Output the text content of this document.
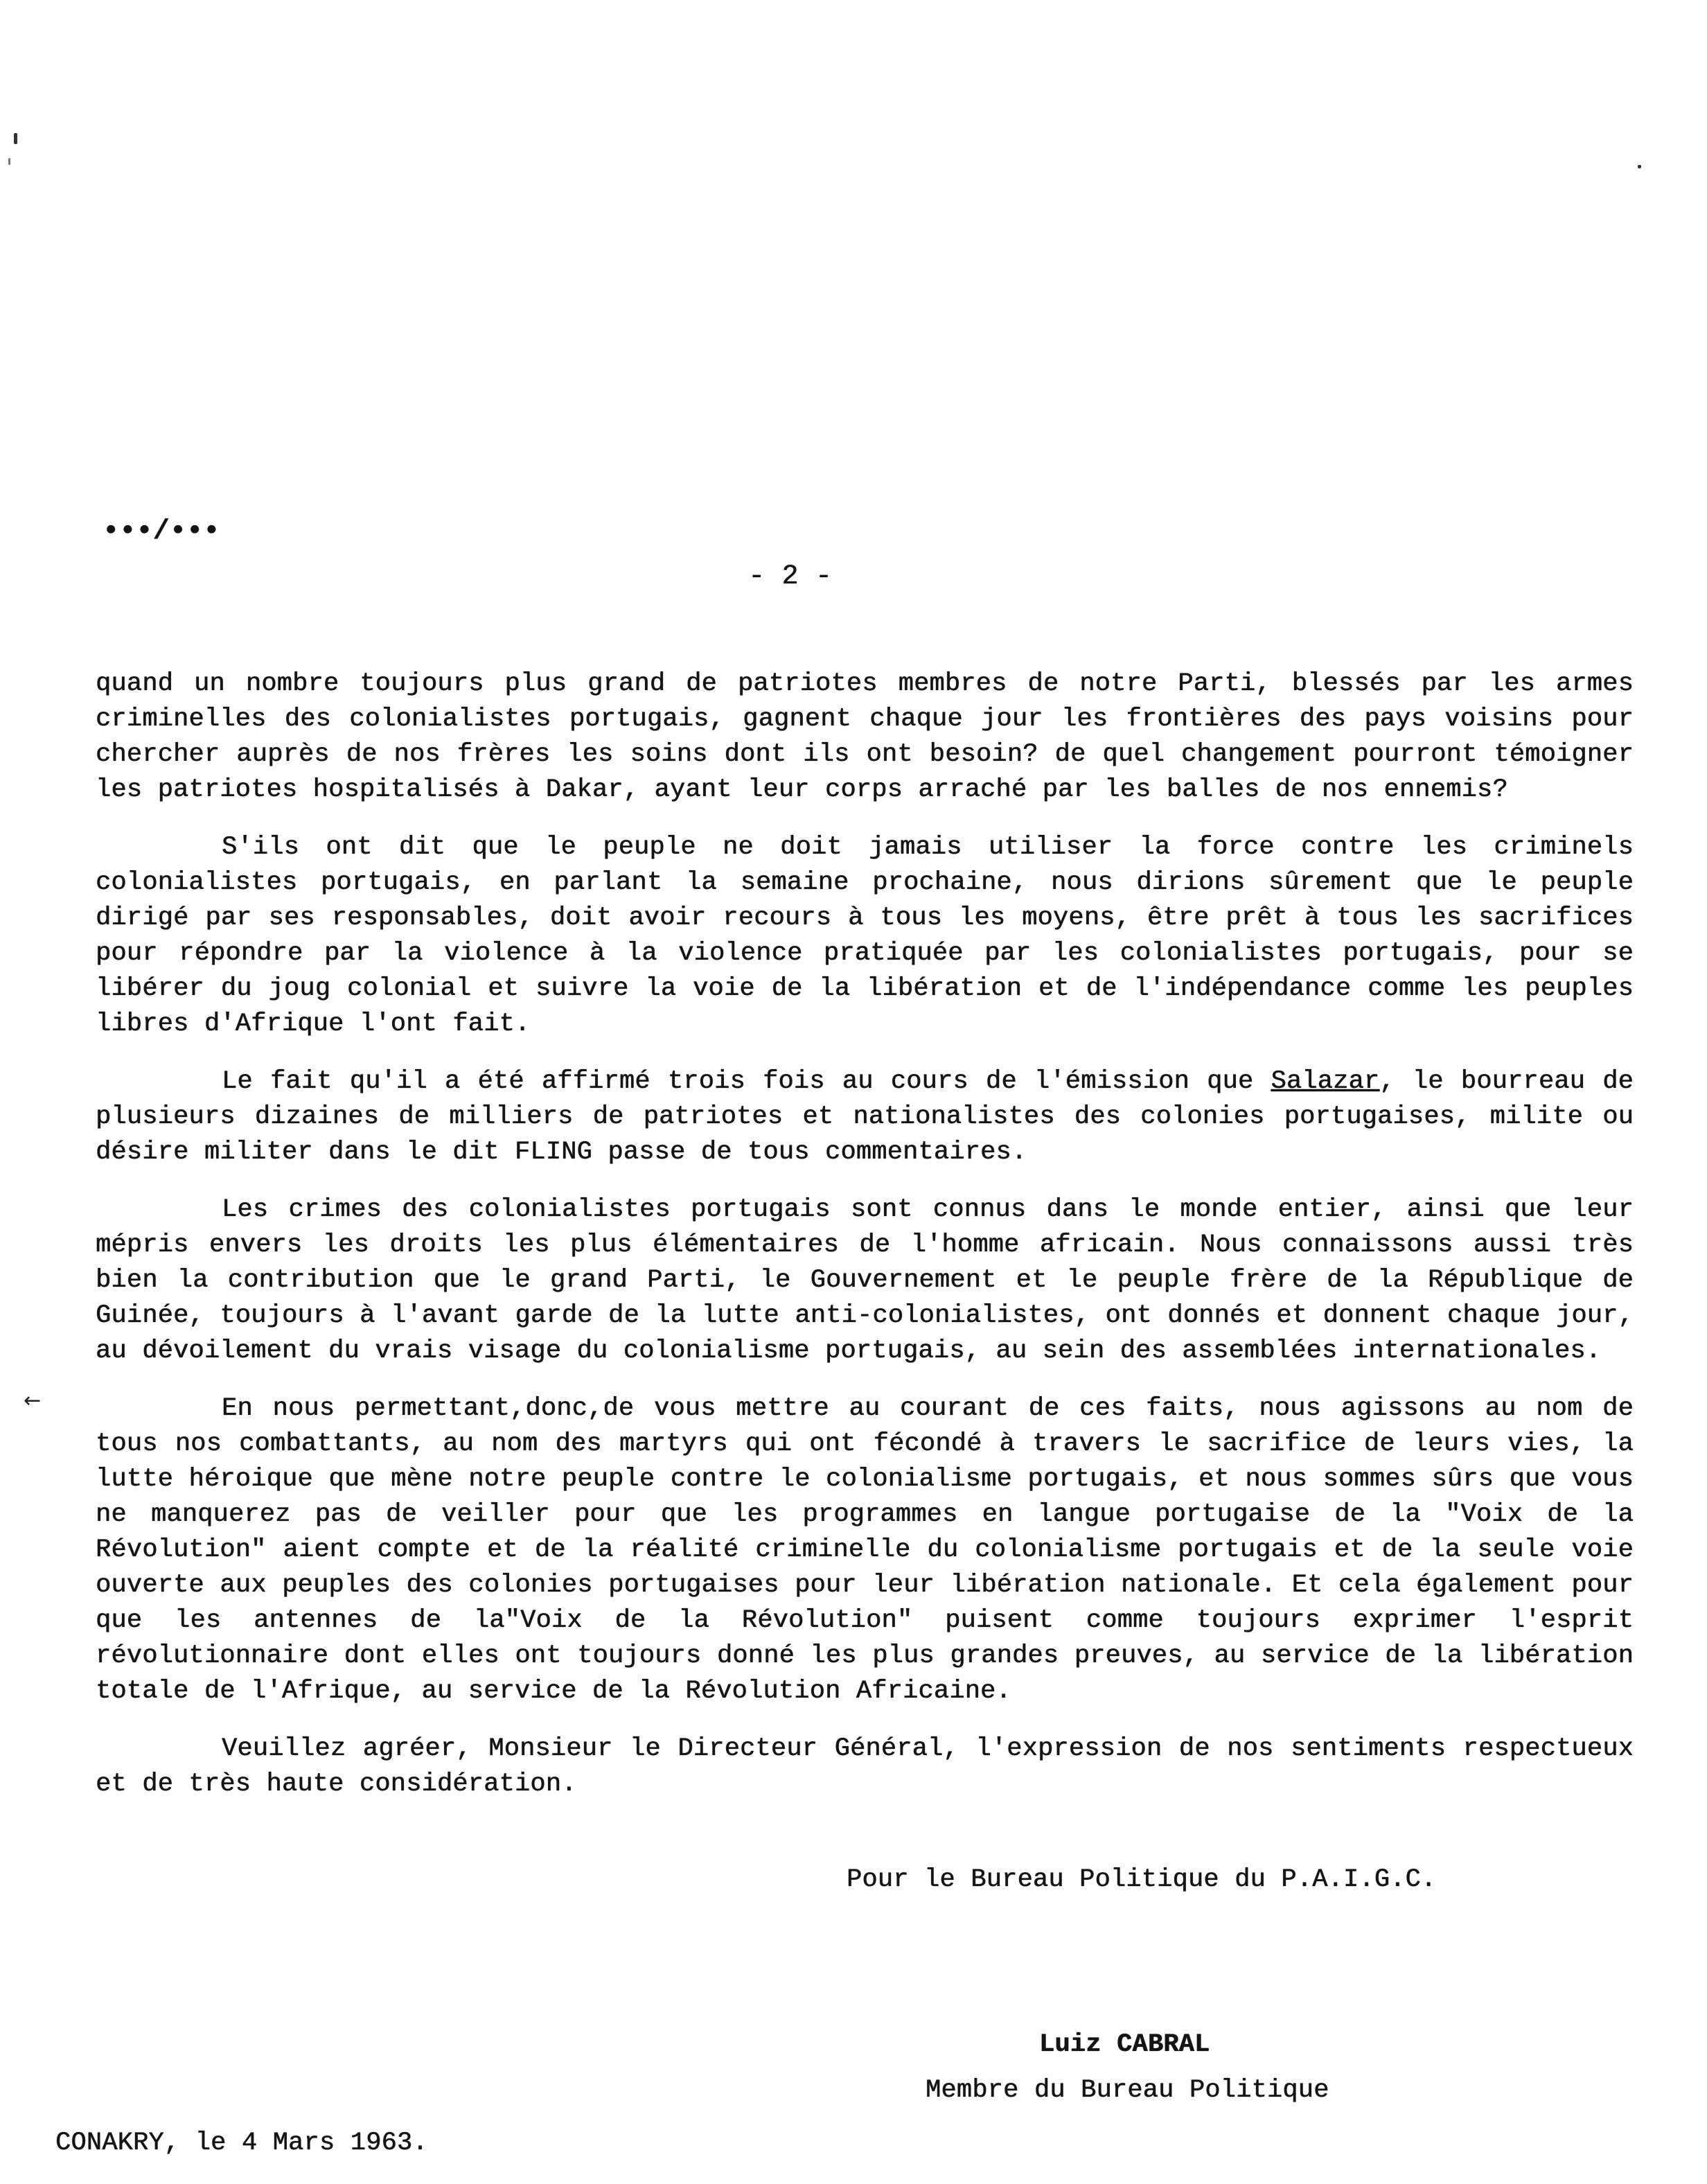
←
•••/•••
- 2 -

quand un nombre toujours plus grand de patriotes membres de notre Parti, blessés par les armes criminelles des colonialistes portugais, gagnent chaque jour les frontières des pays voisins pour chercher auprès de nos frères les soins dont ils ont besoin? de quel changement pourront témoigner les patriotes hospitalisés à Dakar, ayant leur corps arraché par les balles de nos ennemis?

S'ils ont dit que le peuple ne doit jamais utiliser la force contre les criminels colonialistes portugais, en parlant la semaine prochaine, nous dirions sûrement que le peuple dirigé par ses responsables, doit avoir recours à tous les moyens, être prêt à tous les sacrifices pour répondre par la violence à la violence pratiquée par les colonialistes portugais, pour se libérer du joug colonial et suivre la voie de la libération et de l'indépendance comme les peuples libres d'Afrique l'ont fait.

Le fait qu'il a été affirmé trois fois au cours de l'émission que Salazar, le bourreau de plusieurs dizaines de milliers de patriotes et nationalistes des colonies portugaises, milite ou désire militer dans le dit FLING passe de tous commentaires.

Les crimes des colonialistes portugais sont connus dans le monde entier, ainsi que leur mépris envers les droits les plus élémentaires de l'homme africain. Nous connaissons aussi très bien la contribution que le grand Parti, le Gouvernement et le peuple frère de la République de Guinée, toujours à l'avant garde de la lutte anti-colonialistes, ont donnés et donnent chaque jour, au dévoilement du vrais visage du colonialisme portugais, au sein des assemblées internationales.

En nous permettant,donc,de vous mettre au courant de ces faits, nous agissons au nom de tous nos combattants, au nom des martyrs qui ont fécondé à travers le sacrifice de leurs vies, la lutte héroique que mène notre peuple contre le colonialisme portugais, et nous sommes sûrs que vous ne manquerez pas de veiller pour que les programmes en langue portugaise de la "Voix de la Révolution" aient compte et de la réalité criminelle du colonialisme portugais et de la seule voie ouverte aux peuples des colonies portugaises pour leur libération nationale. Et cela également pour que les antennes de la"Voix de la Révolution" puisent comme toujours exprimer l'esprit révolutionnaire dont elles ont toujours donné les plus grandes preuves, au service de la libération totale de l'Afrique, au service de la Révolution Africaine.

Veuillez agréer, Monsieur le Directeur Général, l'expression de nos sentiments respectueux et de très haute considération.

Pour le Bureau Politique du P.A.I.G.C.
Luiz CABRAL
Membre du Bureau Politique
CONAKRY, le 4 Mars 1963.
